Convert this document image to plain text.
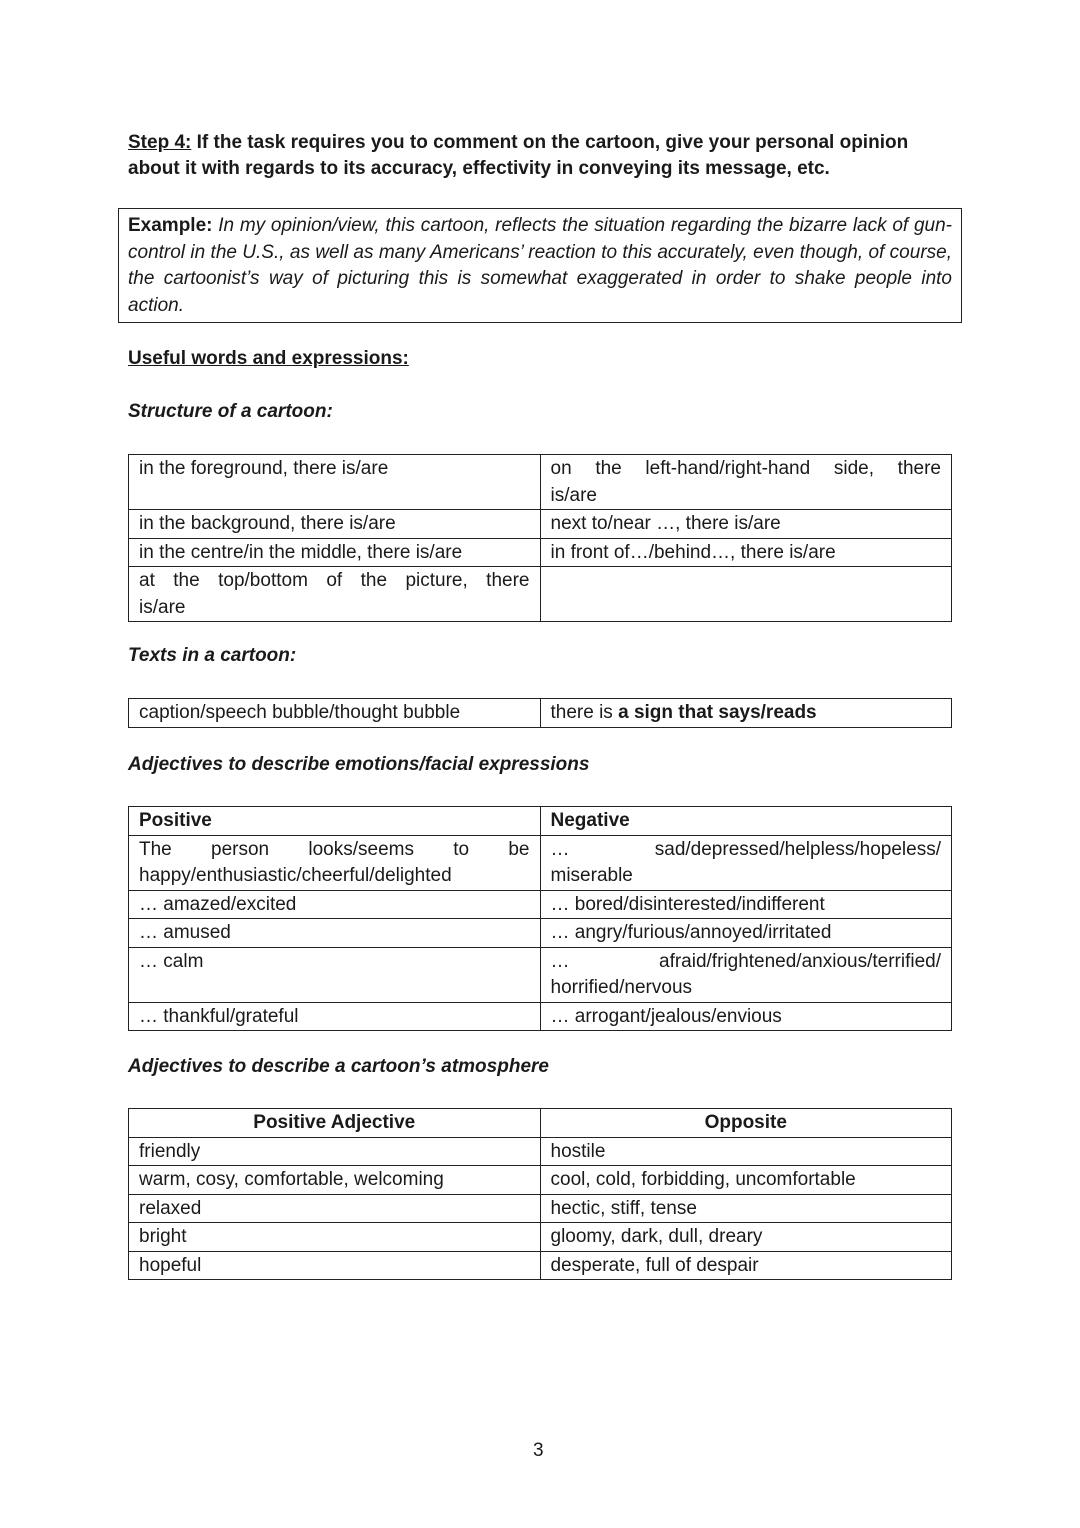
Step 4: If the task requires you to comment on the cartoon, give your personal opinion about it with regards to its accuracy, effectivity in conveying its message, etc.
Example: In my opinion/view, this cartoon, reflects the situation regarding the bizarre lack of gun-control in the U.S., as well as many Americans’ reaction to this accurately, even though, of course, the cartoonist’s way of picturing this is somewhat exaggerated in order to shake people into action.
Useful words and expressions:
Structure of a cartoon:
in the foreground, there is/are	on the left-hand/right-hand side, there
is/are
in the background, there is/are	next to/near …, there is/are
in the centre/in the middle, there is/are	in front of…/behind…, there is/are

at the top/bottom of the picture, there
is/are	
Texts in a cartoon:
caption/speech bubble/thought bubble	there is a sign that says/reads
Adjectives to describe emotions/facial expressions
Positive	Negative

The person looks/seems to be
happy/enthusiastic/cheerful/delighted	… sad/depressed/helpless/hopeless/
miserable
… amazed/excited	… bored/disinterested/indifferent
… amused	… angry/furious/annoyed/irritated
… calm	… afraid/frightened/anxious/terrified/
horrified/nervous
… thankful/grateful	… arrogant/jealous/envious
Adjectives to describe a cartoon’s atmosphere
Positive Adjective	Opposite
friendly	hostile
warm, cosy, comfortable, welcoming	cool, cold, forbidding, uncomfortable
relaxed	hectic, stiff, tense
bright	gloomy, dark, dull, dreary
hopeful	desperate, full of despair
3
